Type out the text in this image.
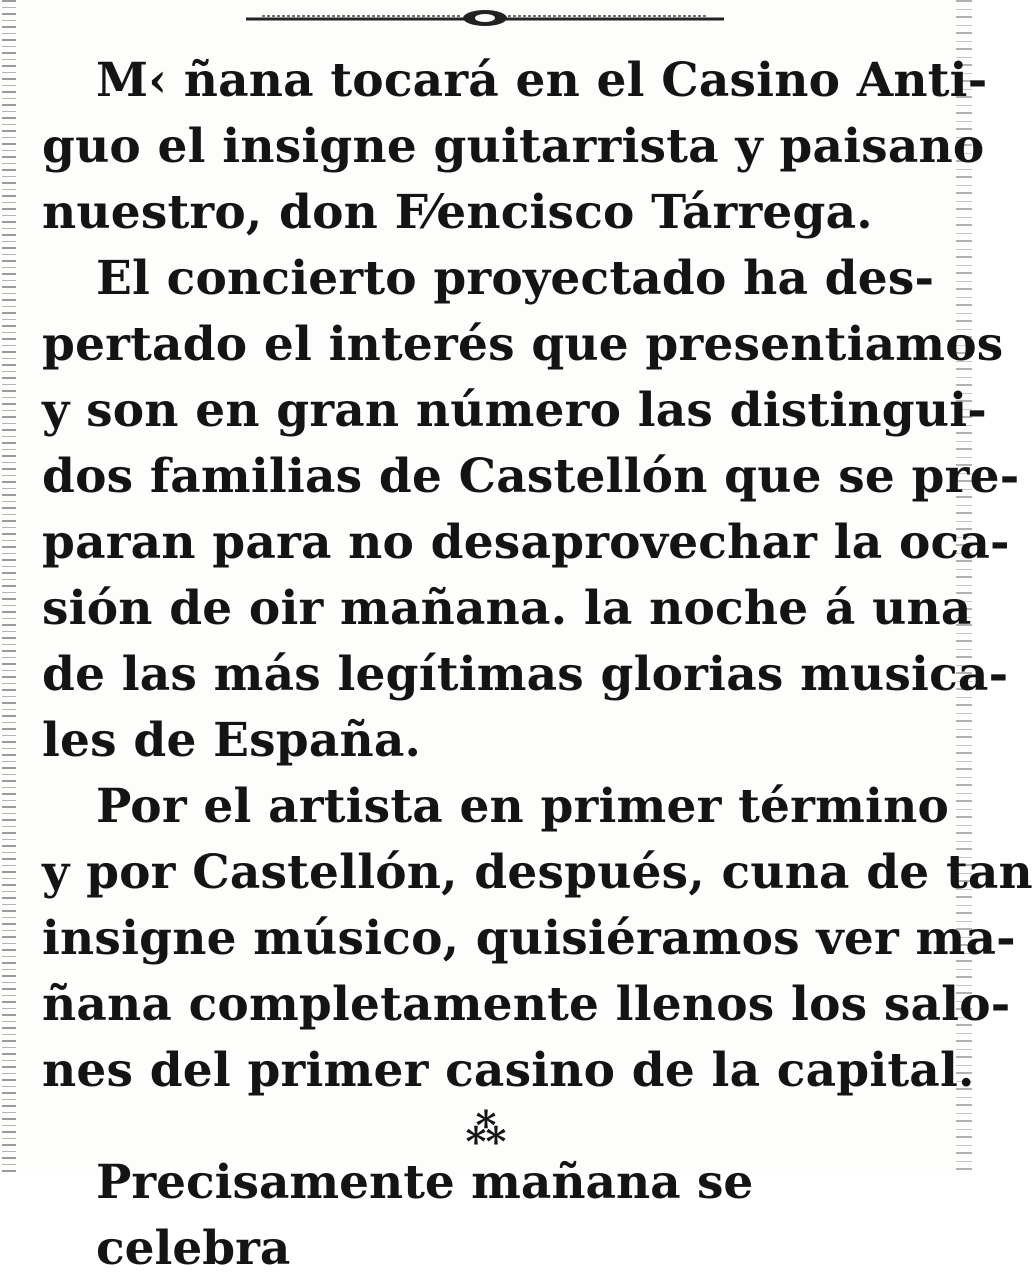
M‹ ñana tocará en el Casino Anti-
guo el insigne guitarrista y paisano
nuestro, don F⁄encisco Tárrega.
El concierto proyectado ha des-
pertado el interés que presentiamos
y son en gran número las distingui-
dos familias de Castellón que se pre-
paran para no desaprovechar la oca-
sión de oir mañana. la noche á una
de las más legítimas glorias musica-
les de España.
Por el artista en primer término
y por Castellón, después, cuna de tan
insigne músico, quisiéramos ver ma-
ñana completamente llenos los salo-
nes del primer casino de la capital.
⁂
Precisamente mañana se celebra
